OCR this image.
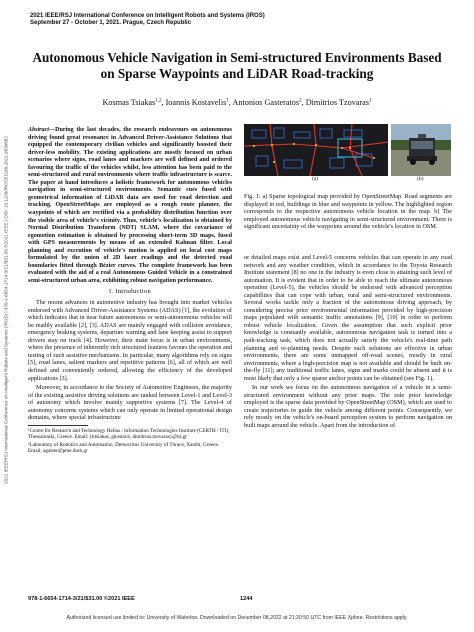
2021 IEEE/RSJ International Conference on Intelligent Robots and Systems (IROS)
September 27 - October 1, 2021. Prague, Czech Republic
2021 IEEE/RSJ International Conference on Intelligent Robots and Systems (IROS) | 978-1-6654-1714-3/21/$31.00 ©2021 IEEE | DOI: 10.1109/IROS51168.2021.9636082
Autonomous Vehicle Navigation in Semi-structured Environments Based
on Sparse Waypoints and LiDAR Road-tracking
Kosmas Tsiakas$^{1,2}$, Ioannis Kostavelis$^1$, Antonios Gasteratos$^2$, Dimitrios Tzovaras$^1$

Abstract—During the last decades, the research endeavours on autonomous driving found great resonance in Advanced Driver-Assistance Solutions that equipped the contemporary civilian vehicles and significantly boosted their driver-less mobility. The existing applications are mostly focused on urban scenarios where signs, road lanes and markers are well defined and ordered favouring the traffic of the vehicles whilst, less attention has been paid to the semi-structured and rural environments where traffic infrastructure is scarce. The paper at hand introduces a holistic framework for autonomous vehicles navigation in semi-structured environments. Semantic cues fused with geometrical information of LiDAR data are used for road detection and tracking. OpenStreetMaps are employed as a rough route planner, the waypoints of which are rectified via a probability distribution function over the visible area of vehicle's vicinity. Thus, vehicle's localization is obtained by Normal Distribution Transform (NDT) SLAM, where the covariance of egomotion estimation is obtained by processing short-term 3D maps, fused with GPS measurements by means of an extended Kalman filter. Local planning and execution of vehicle's motion is applied on local cost maps formulated by the union of 2D laser readings and the detected road boundaries fitted through Bézier curves. The complete framework has been evaluated with the aid of a real Autonomous Guided Vehicle in a constrained semi-structured urban area, exhibiting robust navigation performance.

I. Introduction

The recent advances in automotive industry has brought into market vehicles endorsed with Advanced Driver-Assistance Systems (ADAS) [1], the evolution of which indicates that in near future autonomous or semi-autonomous vehicles will be readily available [2], [3]. ADAS are mainly engaged with collision avoidance, emergency braking systems, departure warning and lane keeping assist to support drivers stay on track [4]. However, their main focus is in urban environments, where the presence of inherently rich structured features favours the operation and testing of such assistive mechanisms. In particular, many algorithms rely on signs [5], road lanes, salient markers and repetitive patterns [6], all of which are well defined and conveniently ordered, allowing the efficiency of the developed applications [3].

Moreover, in accordance to the Society of Automotive Engineers, the majority of the existing assistive driving solutions are ranked between Level-1 and Level-3 of autonomy which involve mainly supportive systems [7]. The Level-4 of autonomy concerns systems which can only operate in limited operational design domains, where special infrastructure

¹Centre for Research and Technology Hellas / Information Technologies Institute (CERTH / ITI), Thessaloniki, Greece. Email: {ktsiakas, gkostave, dimitrios.tzovaras}@iti.gr

²Laboratory of Robotics and Automation, Democritus University of Thrace, Xanthi, Greece. Email: agaster@pme.duth.gr

(a)	(b)

Fig. 1: a) Sparse topological map provided by OpenStreetMap. Road segments are displayed in red, buildings in blue and waypoints in yellow. The highlighted region corresponds to the respective autonomous vehicle location in the map. b) The employed autonomous vehicle navigating in semi-structured environment. There is significant uncertainty of the waypoints around the vehicle's location in OSM.

or detailed maps exist and Level-5 concerns vehicles that can operate in any road network and any weather condition, which in accordance to the Toyota Research Institute statement [8] no one in the industry is even close to attaining such level of automation. It is evident that in order to be able to reach the ultimate autonomous operation (Level-5), the vehicles should be endorsed with advanced perception capabilities that can cope with urban, rural and semi-structured environments. Several works tackle only a fraction of the autonomous driving approach, by considering precise prior environmental information provided by high-precision maps populated with semantic traffic annotations [9], [10] in order to perform robust vehicle localization. Given the assumption that such explicit prior knowledge is constantly available, autonomous navigation task is turned into a path-tracking task, which does not actually satisfy the vehicle's real-time path planning and re-planning needs. Despite such solutions are effective in urban environments, there are some unmapped off-road scenes, mostly in rural environments, where a high-precision map is not available and should be built on-the-fly [11]; any traditional traffic lanes, signs and marks could be absent and it is most likely that only a few sparse anchor points can be obtained (see Fig. 1).

In our work we focus on the autonomous navigation of a vehicle in a semi-structured environment without any prior maps. The sole prior knowledge employed is the sparse data provided by OpenStreetMap (OSM), which are used to create trajectories to guide the vehicle among different points. Consequently, we rely mostly on the vehicle's on-board perception system to perform navigation on built maps around the vehicle. Apart from the introduction of

978-1-6654-1714-3/21/$31.00 ©2021 IEEE	1244
Authorized licensed use limited to: University of Waterloo. Downloaded on December 08,2022 at 21:20:50 UTC from IEEE Xplore. Restrictions apply.
